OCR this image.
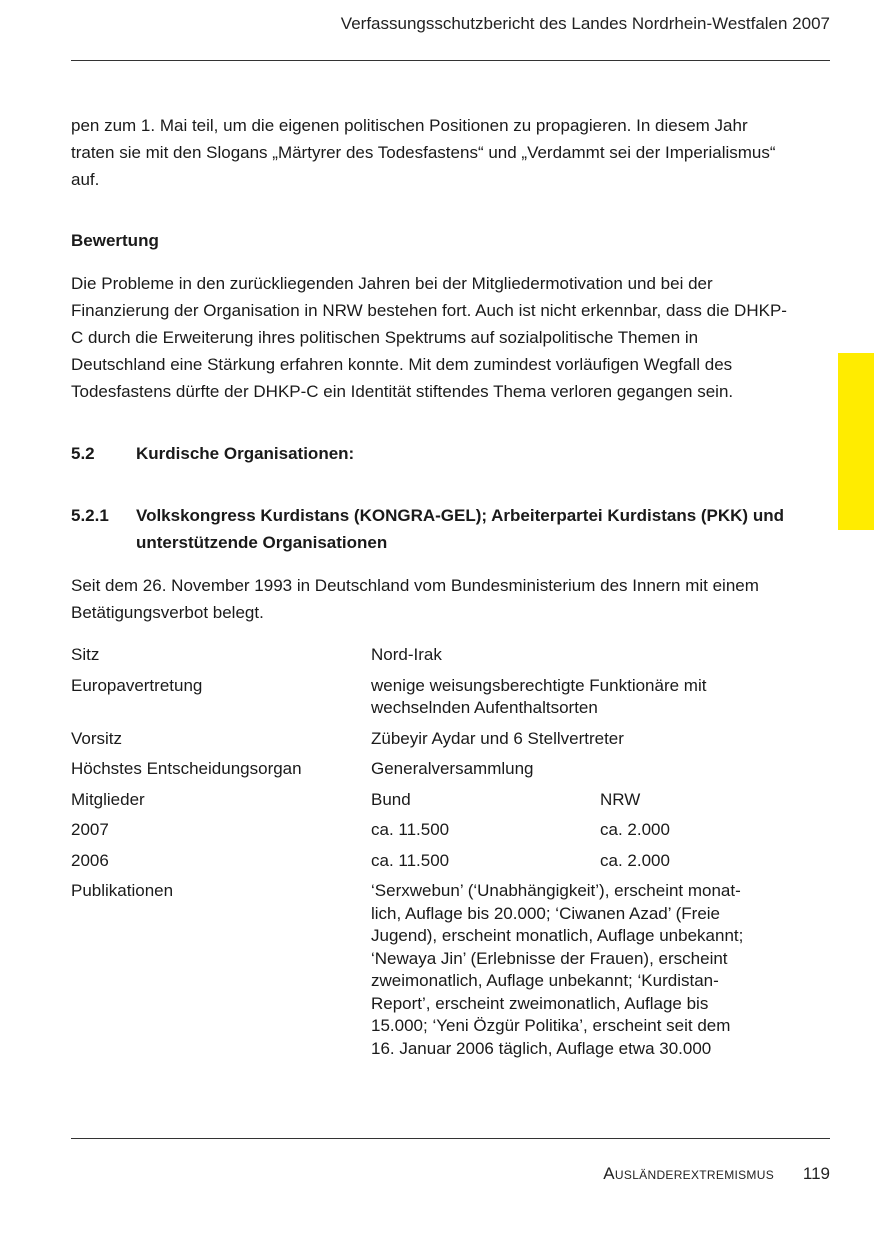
Verfassungsschutzbericht des Landes Nordrhein-Westfalen 2007

pen zum 1. Mai teil, um die eigenen politischen Positionen zu propagieren. In diesem Jahr traten sie mit den Slogans „Märtyrer des Todesfastens“ und „Verdammt sei der Imperialismus“ auf.

Bewertung

Die Probleme in den zurückliegenden Jahren bei der Mitgliedermotivation und bei der Finanzierung der Organisation in NRW bestehen fort. Auch ist nicht erkennbar, dass die DHKP-C durch die Erweiterung ihres politischen Spektrums auf sozialpolitische Themen in Deutschland eine Stärkung erfahren konnte. Mit dem zumindest vorläufigen Wegfall des Todesfastens dürfte der DHKP-C ein Identität stiftendes Thema verloren gegangen sein.

5.2	Kurdische Organisationen:
5.2.1	Volkskongress Kurdistans (KONGRA-GEL); Arbeiterpartei Kurdistans (PKK) und unterstützende Organisationen

Seit dem 26. November 1993 in Deutschland vom Bundesministerium des Innern mit einem Betätigungsverbot belegt.

Sitz	Nord-Irak	
Europavertretung	wenige weisungsberechtigte Funktionäre mit wechselnden Aufenthaltsorten	
Vorsitz	Zübeyir Aydar und 6 Stellvertreter	
Höchstes Entscheidungsorgan	Generalversammlung	
Mitglieder	Bund	NRW
2007	ca. 11.500	ca. 2.000
2006	ca. 11.500	ca. 2.000
Publikationen	‘Serxwebun’ (‘Unabhängigkeit’), erscheint monatlich, Auflage bis 20.000; ‘Ciwanen Azad’ (Freie Jugend), erscheint monatlich, Auflage unbekannt; ‘Newaya Jin’ (Erlebnisse der Frauen), erscheint zweimonatlich, Auflage unbekannt; ‘Kurdistan-Report’, erscheint zweimonatlich, Auflage bis 15.000; ‘Yeni Özgür Politika’, erscheint seit dem 16. Januar 2006 täglich, Auflage etwa 30.000	
Ausländerextremismus 119
